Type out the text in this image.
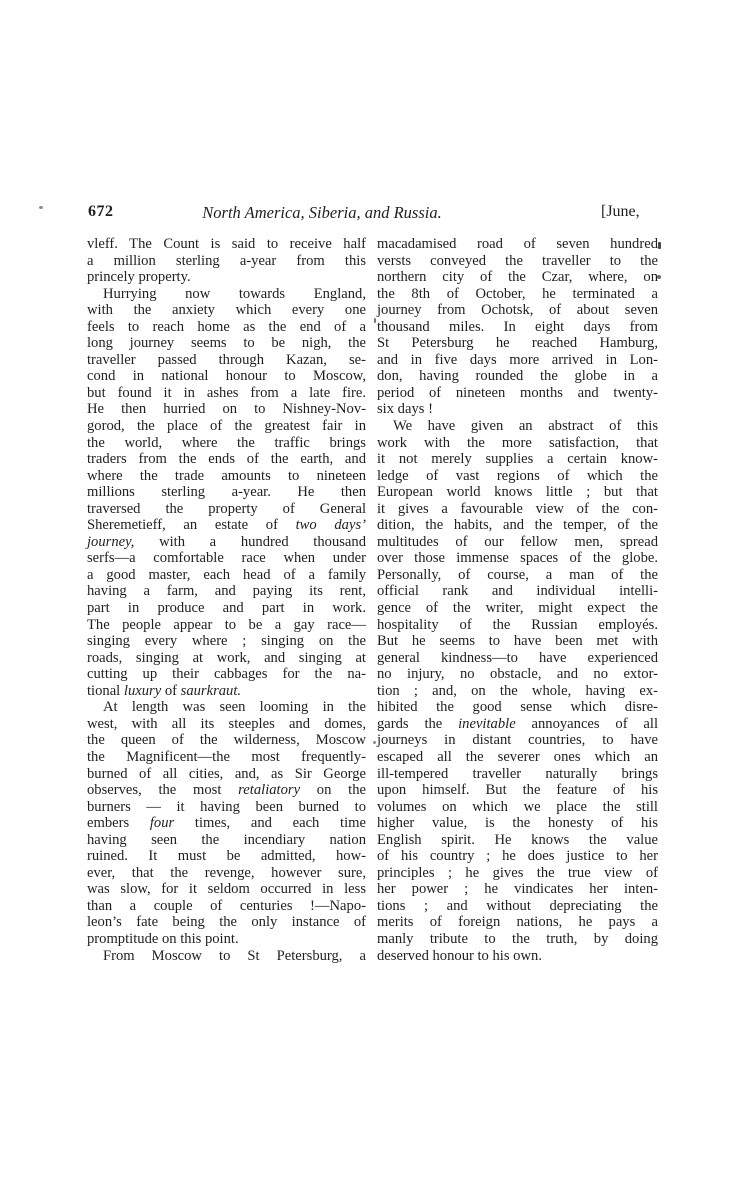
672	North America, Siberia, and Russia.	[June,
vleff. The Count is said to receive half
a million sterling a-year from this
princely property.
Hurrying now towards England,
with the anxiety which every one
feels to reach home as the end of a
long journey seems to be nigh, the
traveller passed through Kazan, se-
cond in national honour to Moscow,
but found it in ashes from a late fire.
He then hurried on to Nishney-Nov-
gorod, the place of the greatest fair in
the world, where the traffic brings
traders from the ends of the earth, and
where the trade amounts to nineteen
millions sterling a-year. He then
traversed the property of General
Sheremetieff, an estate of two days’
journey, with a hundred thousand
serfs—a comfortable race when under
a good master, each head of a family
having a farm, and paying its rent,
part in produce and part in work.
The people appear to be a gay race—
singing every where ; singing on the
roads, singing at work, and singing at
cutting up their cabbages for the na-
tional luxury of saurkraut.
At length was seen looming in the
west, with all its steeples and domes,
the queen of the wilderness, Moscow
the Magnificent—the most frequently-
burned of all cities, and, as Sir George
observes, the most retaliatory on the
burners — it having been burned to
embers four times, and each time
having seen the incendiary nation
ruined. It must be admitted, how-
ever, that the revenge, however sure,
was slow, for it seldom occurred in less
than a couple of centuries !—Napo-
leon’s fate being the only instance of
promptitude on this point.
From Moscow to St Petersburg, a
macadamised road of seven hundred
versts conveyed the traveller to the
northern city of the Czar, where, on
the 8th of October, he terminated a
journey from Ochotsk, of about seven
thousand miles. In eight days from
St Petersburg he reached Hamburg,
and in five days more arrived in Lon-
don, having rounded the globe in a
period of nineteen months and twenty-
six days !
We have given an abstract of this
work with the more satisfaction, that
it not merely supplies a certain know-
ledge of vast regions of which the
European world knows little ; but that
it gives a favourable view of the con-
dition, the habits, and the temper, of the
multitudes of our fellow men, spread
over those immense spaces of the globe.
Personally, of course, a man of the
official rank and individual intelli-
gence of the writer, might expect the
hospitality of the Russian employés.
But he seems to have been met with
general kindness—to have experienced
no injury, no obstacle, and no extor-
tion ; and, on the whole, having ex-
hibited the good sense which disre-
gards the inevitable annoyances of all
journeys in distant countries, to have
escaped all the severer ones which an
ill-tempered traveller naturally brings
upon himself. But the feature of his
volumes on which we place the still
higher value, is the honesty of his
English spirit. He knows the value
of his country ; he does justice to her
principles ; he gives the true view of
her power ; he vindicates her inten-
tions ; and without depreciating the
merits of foreign nations, he pays a
manly tribute to the truth, by doing
deserved honour to his own.
